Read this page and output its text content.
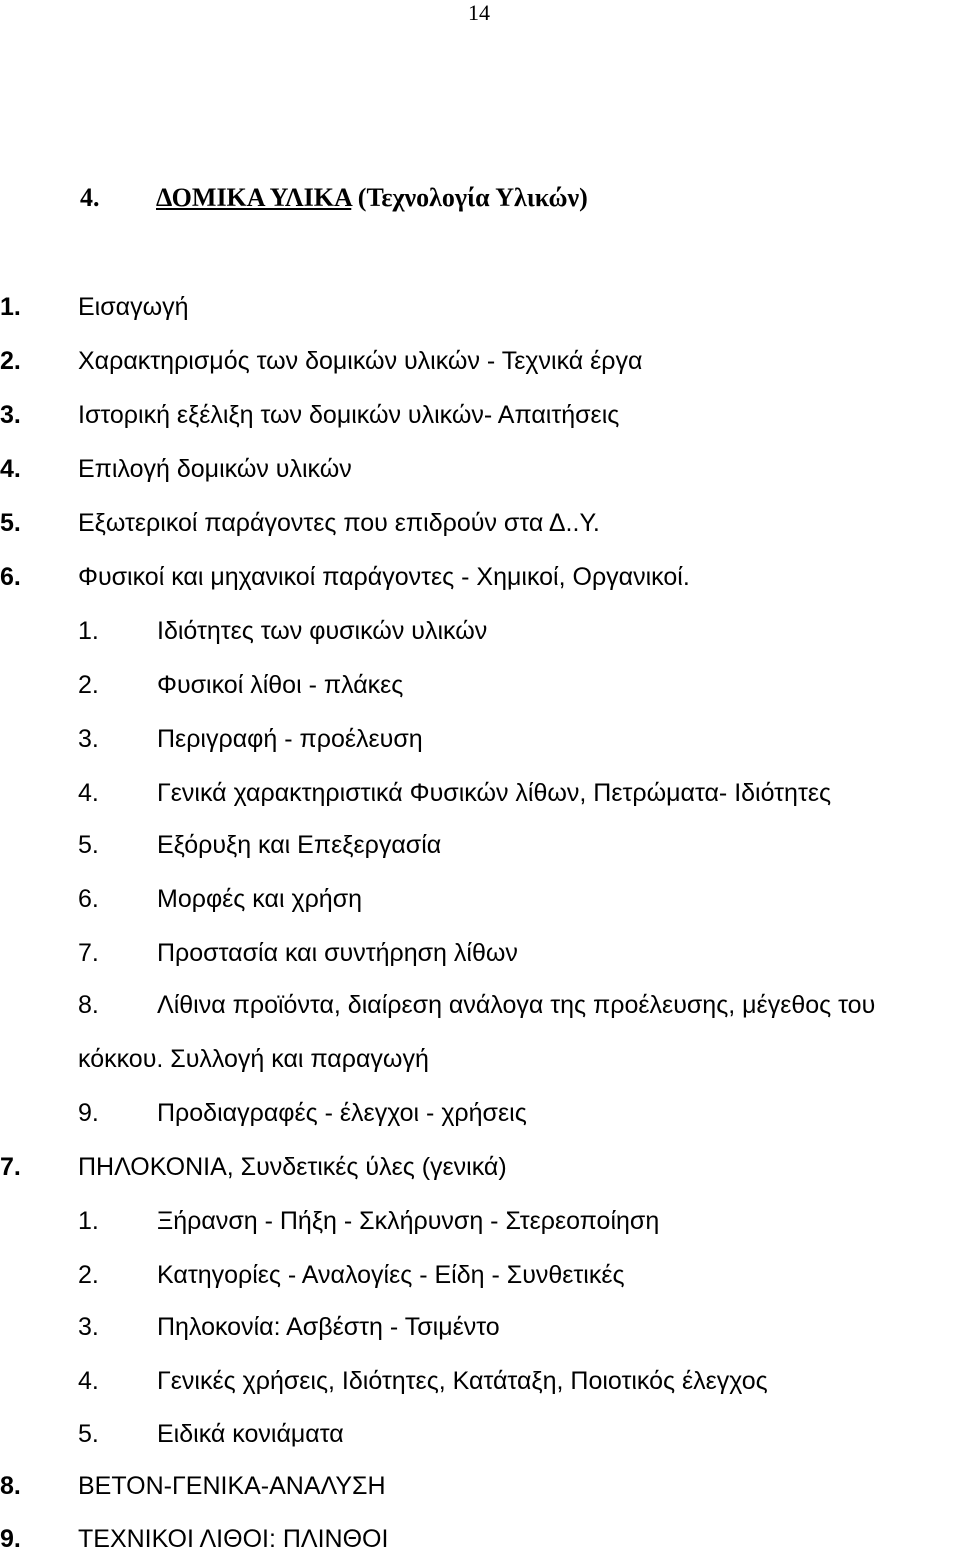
14
4. ΔΟΜΙΚΑ ΥΛΙΚΑ (Τεχνολογία Υλικών)
1. Εισαγωγή
2. Χαρακτηρισμός των δομικών υλικών - Τεχνικά έργα
3. Ιστορική εξέλιξη των δομικών υλικών- Απαιτήσεις
4. Επιλογή δομικών υλικών
5. Εξωτερικοί παράγοντες που επιδρούν στα Δ..Υ.
6. Φυσικοί και μηχανικοί παράγοντες - Χημικοί, Οργανικοί.
1. Ιδιότητες των φυσικών υλικών
2. Φυσικοί λίθοι - πλάκες
3. Περιγραφή - προέλευση
4. Γενικά χαρακτηριστικά Φυσικών λίθων, Πετρώματα- Ιδιότητες
5. Εξόρυξη και Επεξεργασία
6. Μορφές και χρήση
7. Προστασία και συντήρηση λίθων
8. Λίθινα προϊόντα, διαίρεση ανάλογα της προέλευσης, μέγεθος του
κόκκου. Συλλογή και παραγωγή
9. Προδιαγραφές - έλεγχοι - χρήσεις
7. ΠΗΛΟΚΟΝΙΑ, Συνδετικές ύλες (γενικά)
1. Ξήρανση - Πήξη - Σκλήρυνση - Στερεοποίηση
2. Κατηγορίες - Αναλογίες - Είδη - Συνθετικές
3. Πηλοκονία: Ασβέστη - Τσιμέντο
4. Γενικές χρήσεις, Ιδιότητες, Κατάταξη, Ποιοτικός έλεγχος
5. Ειδικά κονιάματα
8. ΒΕΤΟΝ-ΓΕΝΙΚΑ-ΑΝΑΛΥΣΗ
9. ΤΕΧΝΙΚΟΙ ΛΙΘΟΙ: ΠΛΙΝΘΟΙ
